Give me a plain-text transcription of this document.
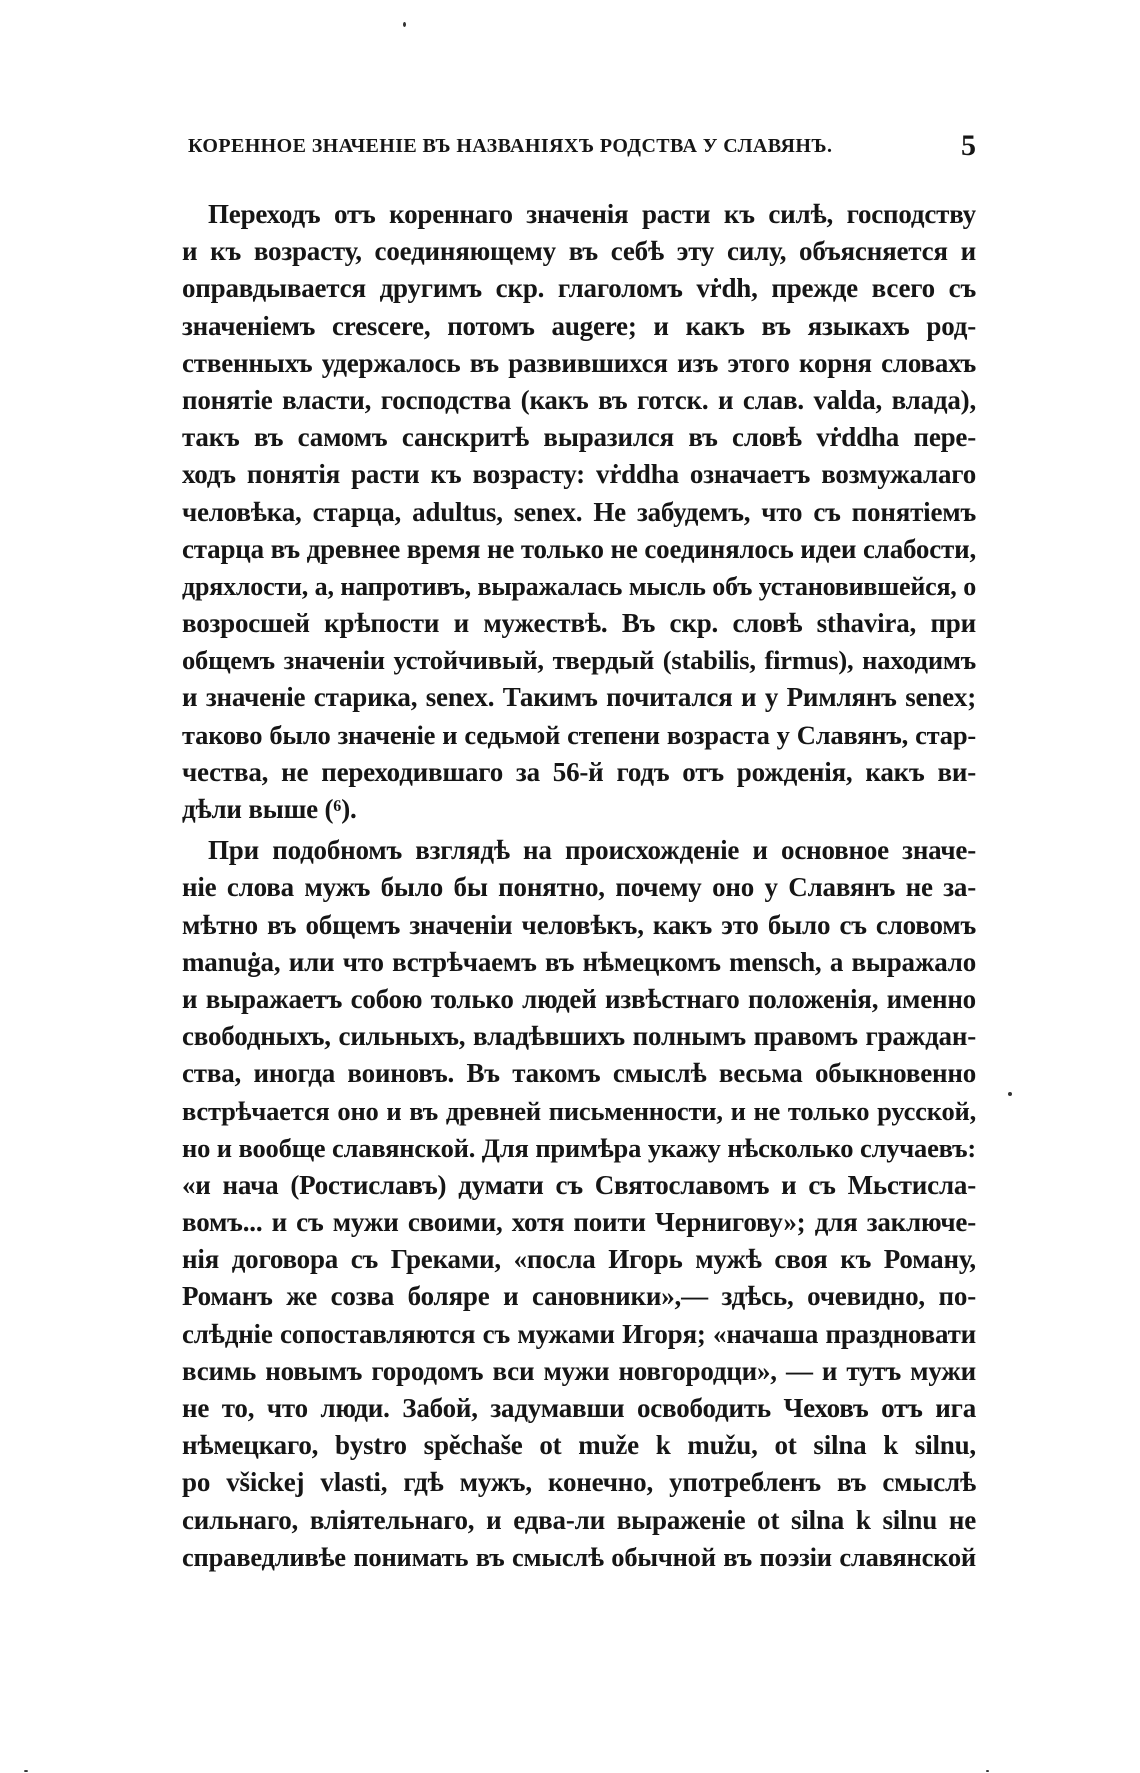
КОРЕННОЕ ЗНАЧЕНІЕ ВЪ НАЗВАНІЯХЪ РОДСТВА У СЛАВЯНЪ.	5
Переходъ отъ кореннаго значенія расти къ силѣ, господству
и къ возрасту, соединяющему въ себѣ эту силу, объясняется и
оправдывается другимъ скр. глаголомъ vṙdh, прежде всего съ
значеніемъ crescere, потомъ augere; и какъ въ языкахъ род-
ственныхъ удержалось въ развившихся изъ этого корня словахъ
понятіе власти, господства (какъ въ готск. и слав. valda, влада),
такъ въ самомъ санскритѣ выразился въ словѣ vṙddha пере-
ходъ понятія расти къ возрасту: vṙddha означаетъ возмужалаго
человѣка, старца, adultus, senex. Не забудемъ, что съ понятіемъ
старца въ древнее время не только не соединялось идеи слабости,
дряхлости, а, напротивъ, выражалась мысль объ установившейся, о
возросшей крѣпости и мужествѣ. Въ скр. словѣ sthavira, при
общемъ значеніи устойчивый, твердый (stabilis, firmus), находимъ
и значеніе старика, senex. Такимъ почитался и у Римлянъ senex;
таково было значеніе и седьмой степени возраста у Славянъ, стар-
чества, не переходившаго за 56-й годъ отъ рожденія, какъ ви-
дѣли выше (⁶).
При подобномъ взглядѣ на происхожденіе и основное значе-
ніе слова мужъ было бы понятно, почему оно у Славянъ не за-
мѣтно въ общемъ значеніи человѣкъ, какъ это было съ словомъ
manuġa, или что встрѣчаемъ въ нѣмецкомъ mensch, а выражало
и выражаетъ собою только людей извѣстнаго положенія, именно
свободныхъ, сильныхъ, владѣвшихъ полнымъ правомъ граждан-
ства, иногда воиновъ. Въ такомъ смыслѣ весьма обыкновенно
встрѣчается оно и въ древней письменности, и не только русской,
но и вообще славянской. Для примѣра укажу нѣсколько случаевъ:
«и нача (Ростиславъ) думати съ Святославомъ и съ Мьстисла-
вомъ... и съ мужи своими, хотя поити Чернигову»; для заключе-
нія договора съ Греками, «посла Игорь мужѣ своя къ Роману,
Романъ же созва боляре и сановники»,— здѣсь, очевидно, по-
слѣдніе сопоставляются съ мужами Игоря; «начаша праздновати
всимь новымъ городомъ вси мужи новгородци», — и тутъ мужи
не то, что люди. Забой, задумавши освободить Чеховъ отъ ига
нѣмецкаго, bystro spěchaše ot muže k mužu, ot silna k silnu,
po všickej vlasti, гдѣ мужъ, конечно, употребленъ въ смыслѣ
сильнаго, вліятельнаго, и едва-ли выраженіе ot silna k silnu не
справедливѣе понимать въ смыслѣ обычной въ поэзіи славянской
